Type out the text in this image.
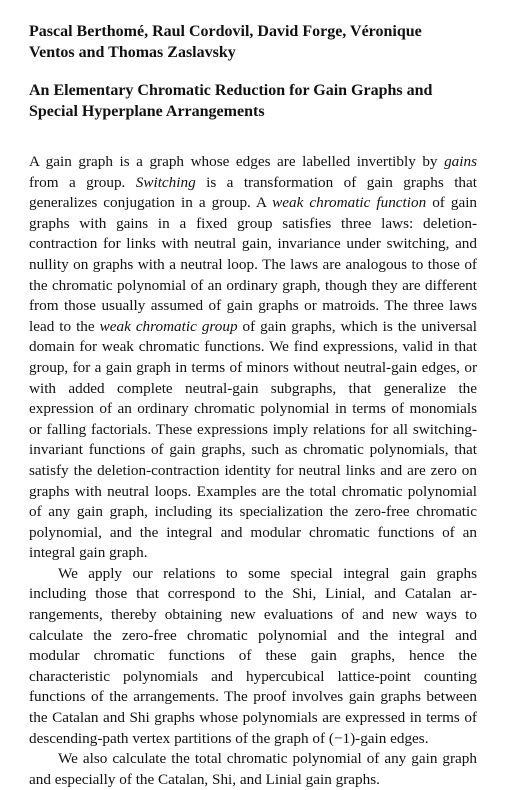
Pascal Berthomé, Raul Cordovil, David Forge, Véronique Ventos and Thomas Zaslavsky
An Elementary Chromatic Reduction for Gain Graphs and Special Hyperplane Arrangements

A gain graph is a graph whose edges are labelled invertibly by gains from a group. Switching is a transformation of gain graphs that generalizes conjugation in a group. A weak chromatic function of gain graphs with gains in a fixed group satisfies three laws: deletion-contraction for links with neutral gain, invariance under switching, and nullity on graphs with a neutral loop. The laws are analogous to those of the chromatic polynomial of an ordinary graph, though they are different from those usually assumed of gain graphs or matroids. The three laws lead to the weak chromatic group of gain graphs, which is the universal domain for weak chromatic functions. We find expressions, valid in that group, for a gain graph in terms of minors without neutral-gain edges, or with added complete neutral-gain subgraphs, that generalize the expression of an ordinary chromatic polynomial in terms of monomials or falling factorials. These expressions imply relations for all switching-invariant functions of gain graphs, such as chromatic polynomials, that satisfy the deletion-contraction identity for neutral links and are zero on graphs with neutral loops. Examples are the total chromatic polynomial of any gain graph, including its specialization the zero-free chromatic polynomial, and the integral and modular chromatic functions of an integral gain graph.

We apply our relations to some special integral gain graphs including those that correspond to the Shi, Linial, and Catalan arrangements, thereby obtaining new evaluations of and new ways to calculate the zero-free chromatic polynomial and the integral and modular chromatic functions of these gain graphs, hence the characteristic polynomials and hypercubical lattice-point counting functions of the arrangements. The proof involves gain graphs between the Catalan and Shi graphs whose polynomials are expressed in terms of descending-path vertex partitions of the graph of (−1)-gain edges.

We also calculate the total chromatic polynomial of any gain graph and especially of the Catalan, Shi, and Linial gain graphs.
